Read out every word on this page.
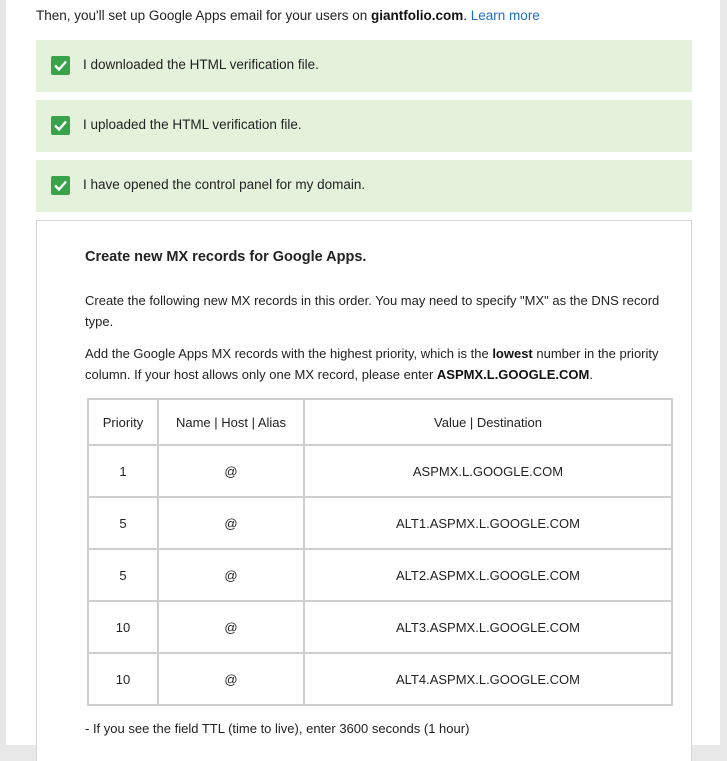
Then, you'll set up Google Apps email for your users on giantfolio.com. Learn more
I downloaded the HTML verification file.
I uploaded the HTML verification file.
I have opened the control panel for my domain.
Create new MX records for Google Apps.

Create the following new MX records in this order. You may need to specify "MX" as the DNS record type.

Add the Google Apps MX records with the highest priority, which is the lowest number in the priority column. If your host allows only one MX record, please enter ASPMX.L.GOOGLE.COM.

Priority	Name | Host | Alias	Value | Destination
1	@	ASPMX.L.GOOGLE.COM
5	@	ALT1.ASPMX.L.GOOGLE.COM
5	@	ALT2.ASPMX.L.GOOGLE.COM
10	@	ALT3.ASPMX.L.GOOGLE.COM
10	@	ALT4.ASPMX.L.GOOGLE.COM
- If you see the field TTL (time to live), enter 3600 seconds (1 hour)
